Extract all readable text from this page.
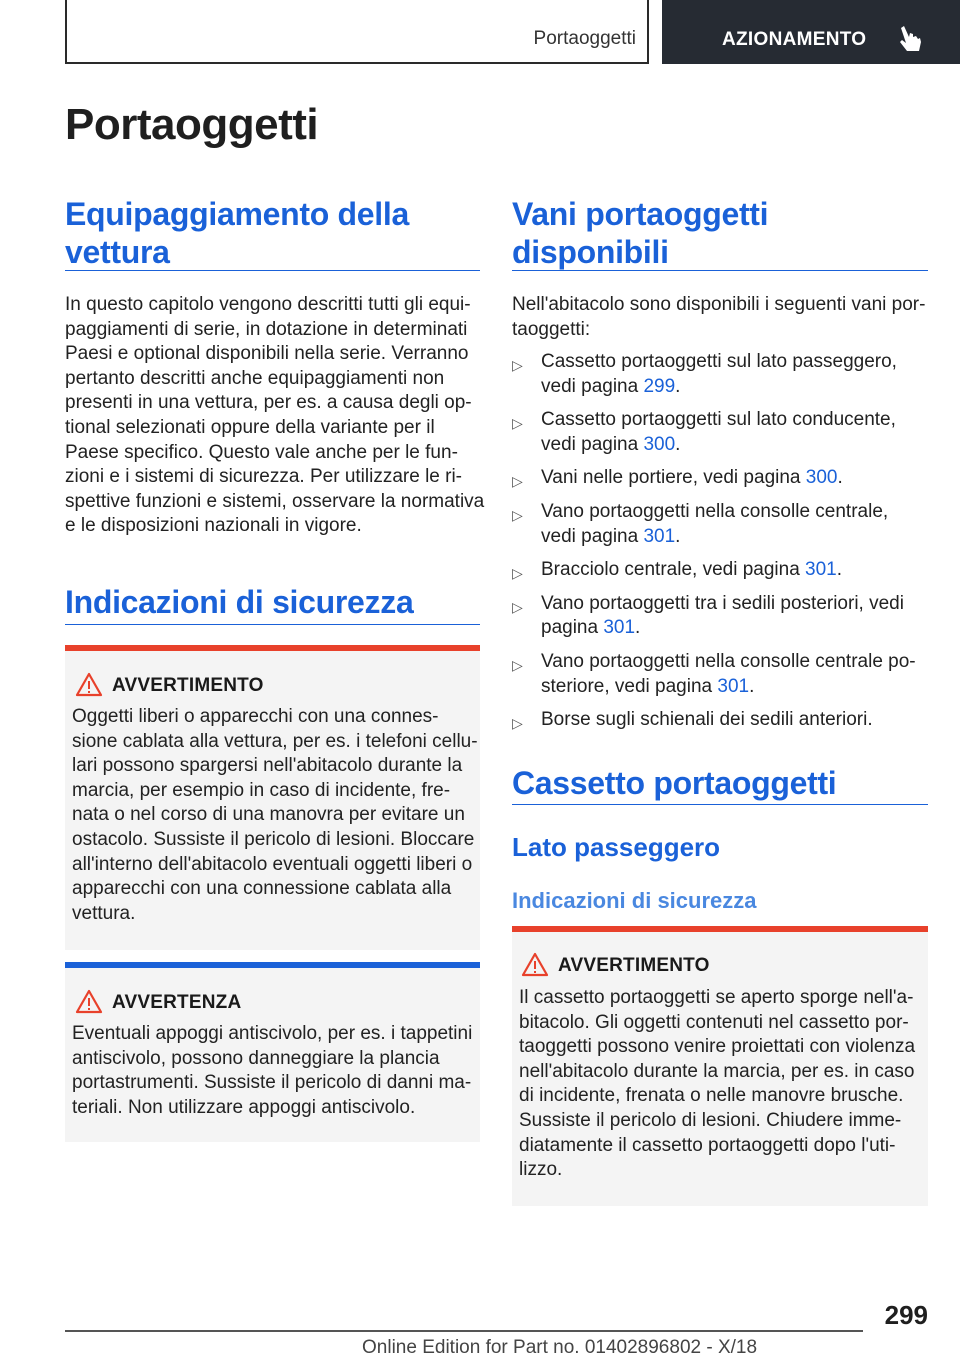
Portaoggetti	AZIONAMENTO
Portaoggetti
Equipaggiamento della vettura
In questo capitolo vengono descritti tutti gli equi-
paggiamenti di serie, in dotazione in determinati
Paesi e optional disponibili nella serie. Verranno
pertanto descritti anche equipaggiamenti non
presenti in una vettura, per es. a causa degli op-
tional selezionati oppure della variante per il
Paese specifico. Questo vale anche per le fun-
zioni e i sistemi di sicurezza. Per utilizzare le ri-
spettive funzioni e sistemi, osservare la normativa
e le disposizioni nazionali in vigore.
Indicazioni di sicurezza
AVVERTIMENTO
Oggetti liberi o apparecchi con una connes-
sione cablata alla vettura, per es. i telefoni cellu-
lari possono spargersi nell'abitacolo durante la
marcia, per esempio in caso di incidente, fre-
nata o nel corso di una manovra per evitare un
ostacolo. Sussiste il pericolo di lesioni. Bloccare
all'interno dell'abitacolo eventuali oggetti liberi o
apparecchi con una connessione cablata alla
vettura.
AVVERTENZA
Eventuali appoggi antiscivolo, per es. i tappetini
antiscivolo, possono danneggiare la plancia
portastrumenti. Sussiste il pericolo di danni ma-
teriali. Non utilizzare appoggi antiscivolo.
Vani portaoggetti disponibili
Nell'abitacolo sono disponibili i seguenti vani por-
taoggetti:
▷ Cassetto portaoggetti sul lato passeggero,
vedi pagina 299.
▷ Cassetto portaoggetti sul lato conducente,
vedi pagina 300.
▷ Vani nelle portiere, vedi pagina 300.
▷ Vano portaoggetti nella consolle centrale,
vedi pagina 301.
▷ Bracciolo centrale, vedi pagina 301.
▷ Vano portaoggetti tra i sedili posteriori, vedi
pagina 301.
▷ Vano portaoggetti nella consolle centrale po-
steriore, vedi pagina 301.
▷ Borse sugli schienali dei sedili anteriori.
Cassetto portaoggetti
Lato passeggero
Indicazioni di sicurezza
AVVERTIMENTO
Il cassetto portaoggetti se aperto sporge nell'a-
bitacolo. Gli oggetti contenuti nel cassetto por-
taoggetti possono venire proiettati con violenza
nell'abitacolo durante la marcia, per es. in caso
di incidente, frenata o nelle manovre brusche.
Sussiste il pericolo di lesioni. Chiudere imme-
diatamente il cassetto portaoggetti dopo l'uti-
lizzo.
299
Online Edition for Part no. 01402896802 - X/18
